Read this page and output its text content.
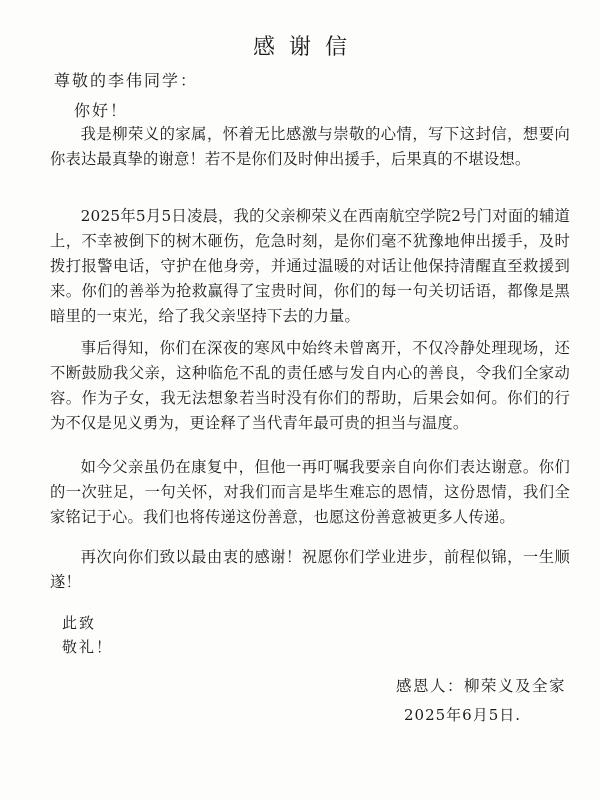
感谢信
尊敬的李伟同学：
你好！

我是柳荣义的家属，怀着无比感激与崇敬的心情，写下这封信，想要向你表达最真挚的谢意！若不是你们及时伸出援手，后果真的不堪设想。

2025年5月5日凌晨，我的父亲柳荣义在西南航空学院2号门对面的辅道上，不幸被倒下的树木砸伤，危急时刻，是你们毫不犹豫地伸出援手，及时拨打报警电话，守护在他身旁，并通过温暖的对话让他保持清醒直至救援到来。你们的善举为抢救赢得了宝贵时间，你们的每一句关切话语，都像是黑暗里的一束光，给了我父亲坚持下去的力量。

事后得知，你们在深夜的寒风中始终未曾离开，不仅冷静处理现场，还不断鼓励我父亲，这种临危不乱的责任感与发自内心的善良，令我们全家动容。作为子女，我无法想象若当时没有你们的帮助，后果会如何。你们的行为不仅是见义勇为，更诠释了当代青年最可贵的担当与温度。

如今父亲虽仍在康复中，但他一再叮嘱我要亲自向你们表达谢意。你们的一次驻足，一句关怀，对我们而言是毕生难忘的恩情，这份恩情，我们全家铭记于心。我们也将传递这份善意，也愿这份善意被更多人传递。

再次向你们致以最由衷的感谢！祝愿你们学业进步，前程似锦，一生顺遂！

此致
敬礼！
感恩人：柳荣义及全家
2025年6月5日.
